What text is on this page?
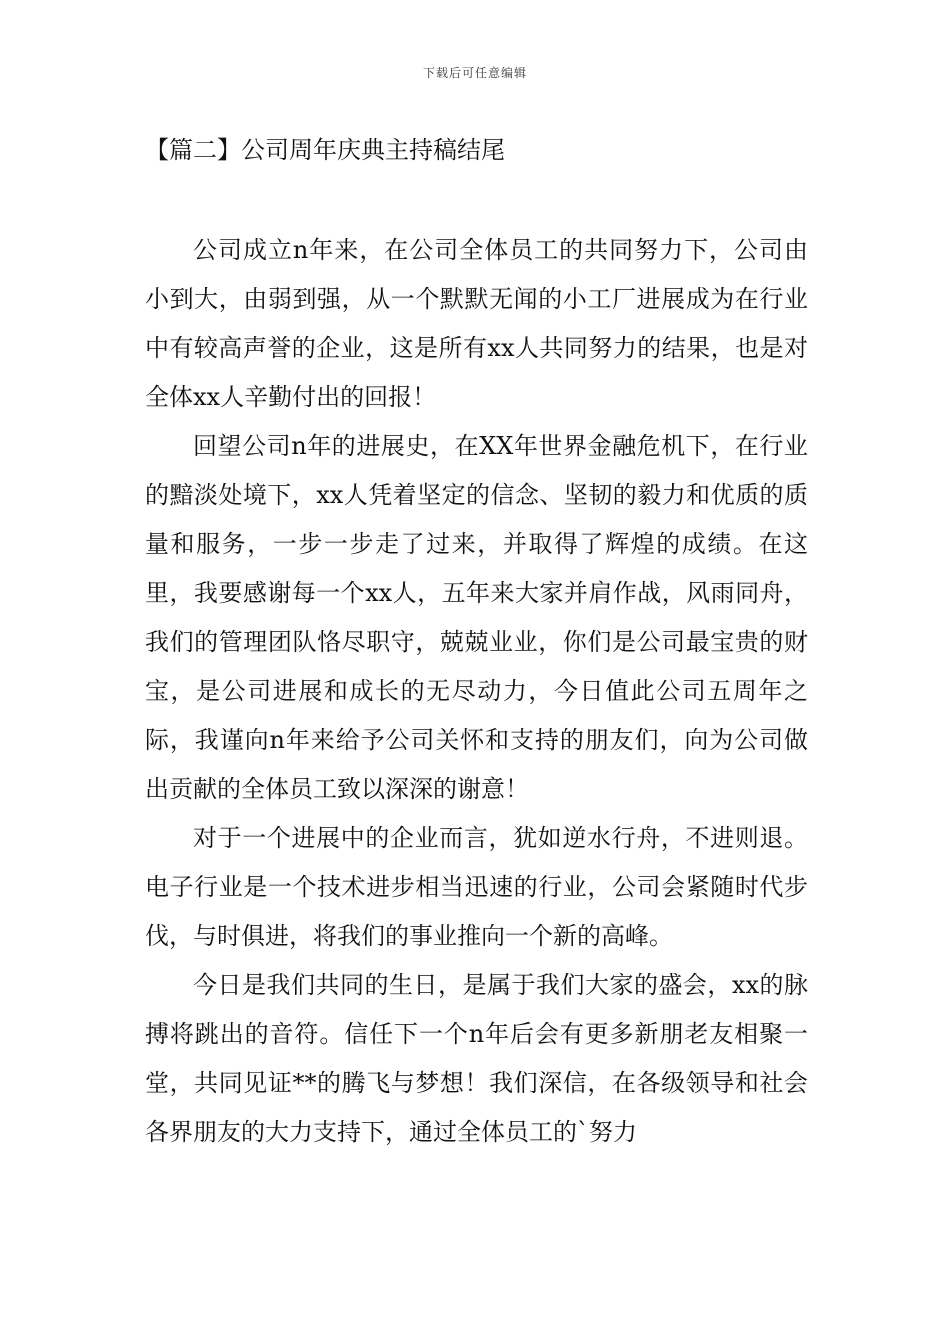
下载后可任意编辑
【篇二】公司周年庆典主持稿结尾

公司成立n年来，在公司全体员工的共同努力下，公司由小到大，由弱到强，从一个默默无闻的小工厂进展成为在行业中有较高声誉的企业，这是所有xx人共同努力的结果，也是对全体xx人辛勤付出的回报！

回望公司n年的进展史，在XX年世界金融危机下，在行业的黯淡处境下，xx人凭着坚定的信念、坚韧的毅力和优质的质量和服务，一步一步走了过来，并取得了辉煌的成绩。在这里，我要感谢每一个xx人，五年来大家并肩作战，风雨同舟，我们的管理团队恪尽职守，兢兢业业，你们是公司最宝贵的财宝，是公司进展和成长的无尽动力，今日值此公司五周年之际，我谨向n年来给予公司关怀和支持的朋友们，向为公司做出贡献的全体员工致以深深的谢意！

对于一个进展中的企业而言，犹如逆水行舟，不进则退。电子行业是一个技术进步相当迅速的行业，公司会紧随时代步伐，与时俱进，将我们的事业推向一个新的高峰。

今日是我们共同的生日，是属于我们大家的盛会，xx的脉搏将跳出的音符。信任下一个n年后会有更多新朋老友相聚一堂，共同见证**的腾飞与梦想！我们深信，在各级领导和社会各界朋友的大力支持下，通过全体员工的`努力
